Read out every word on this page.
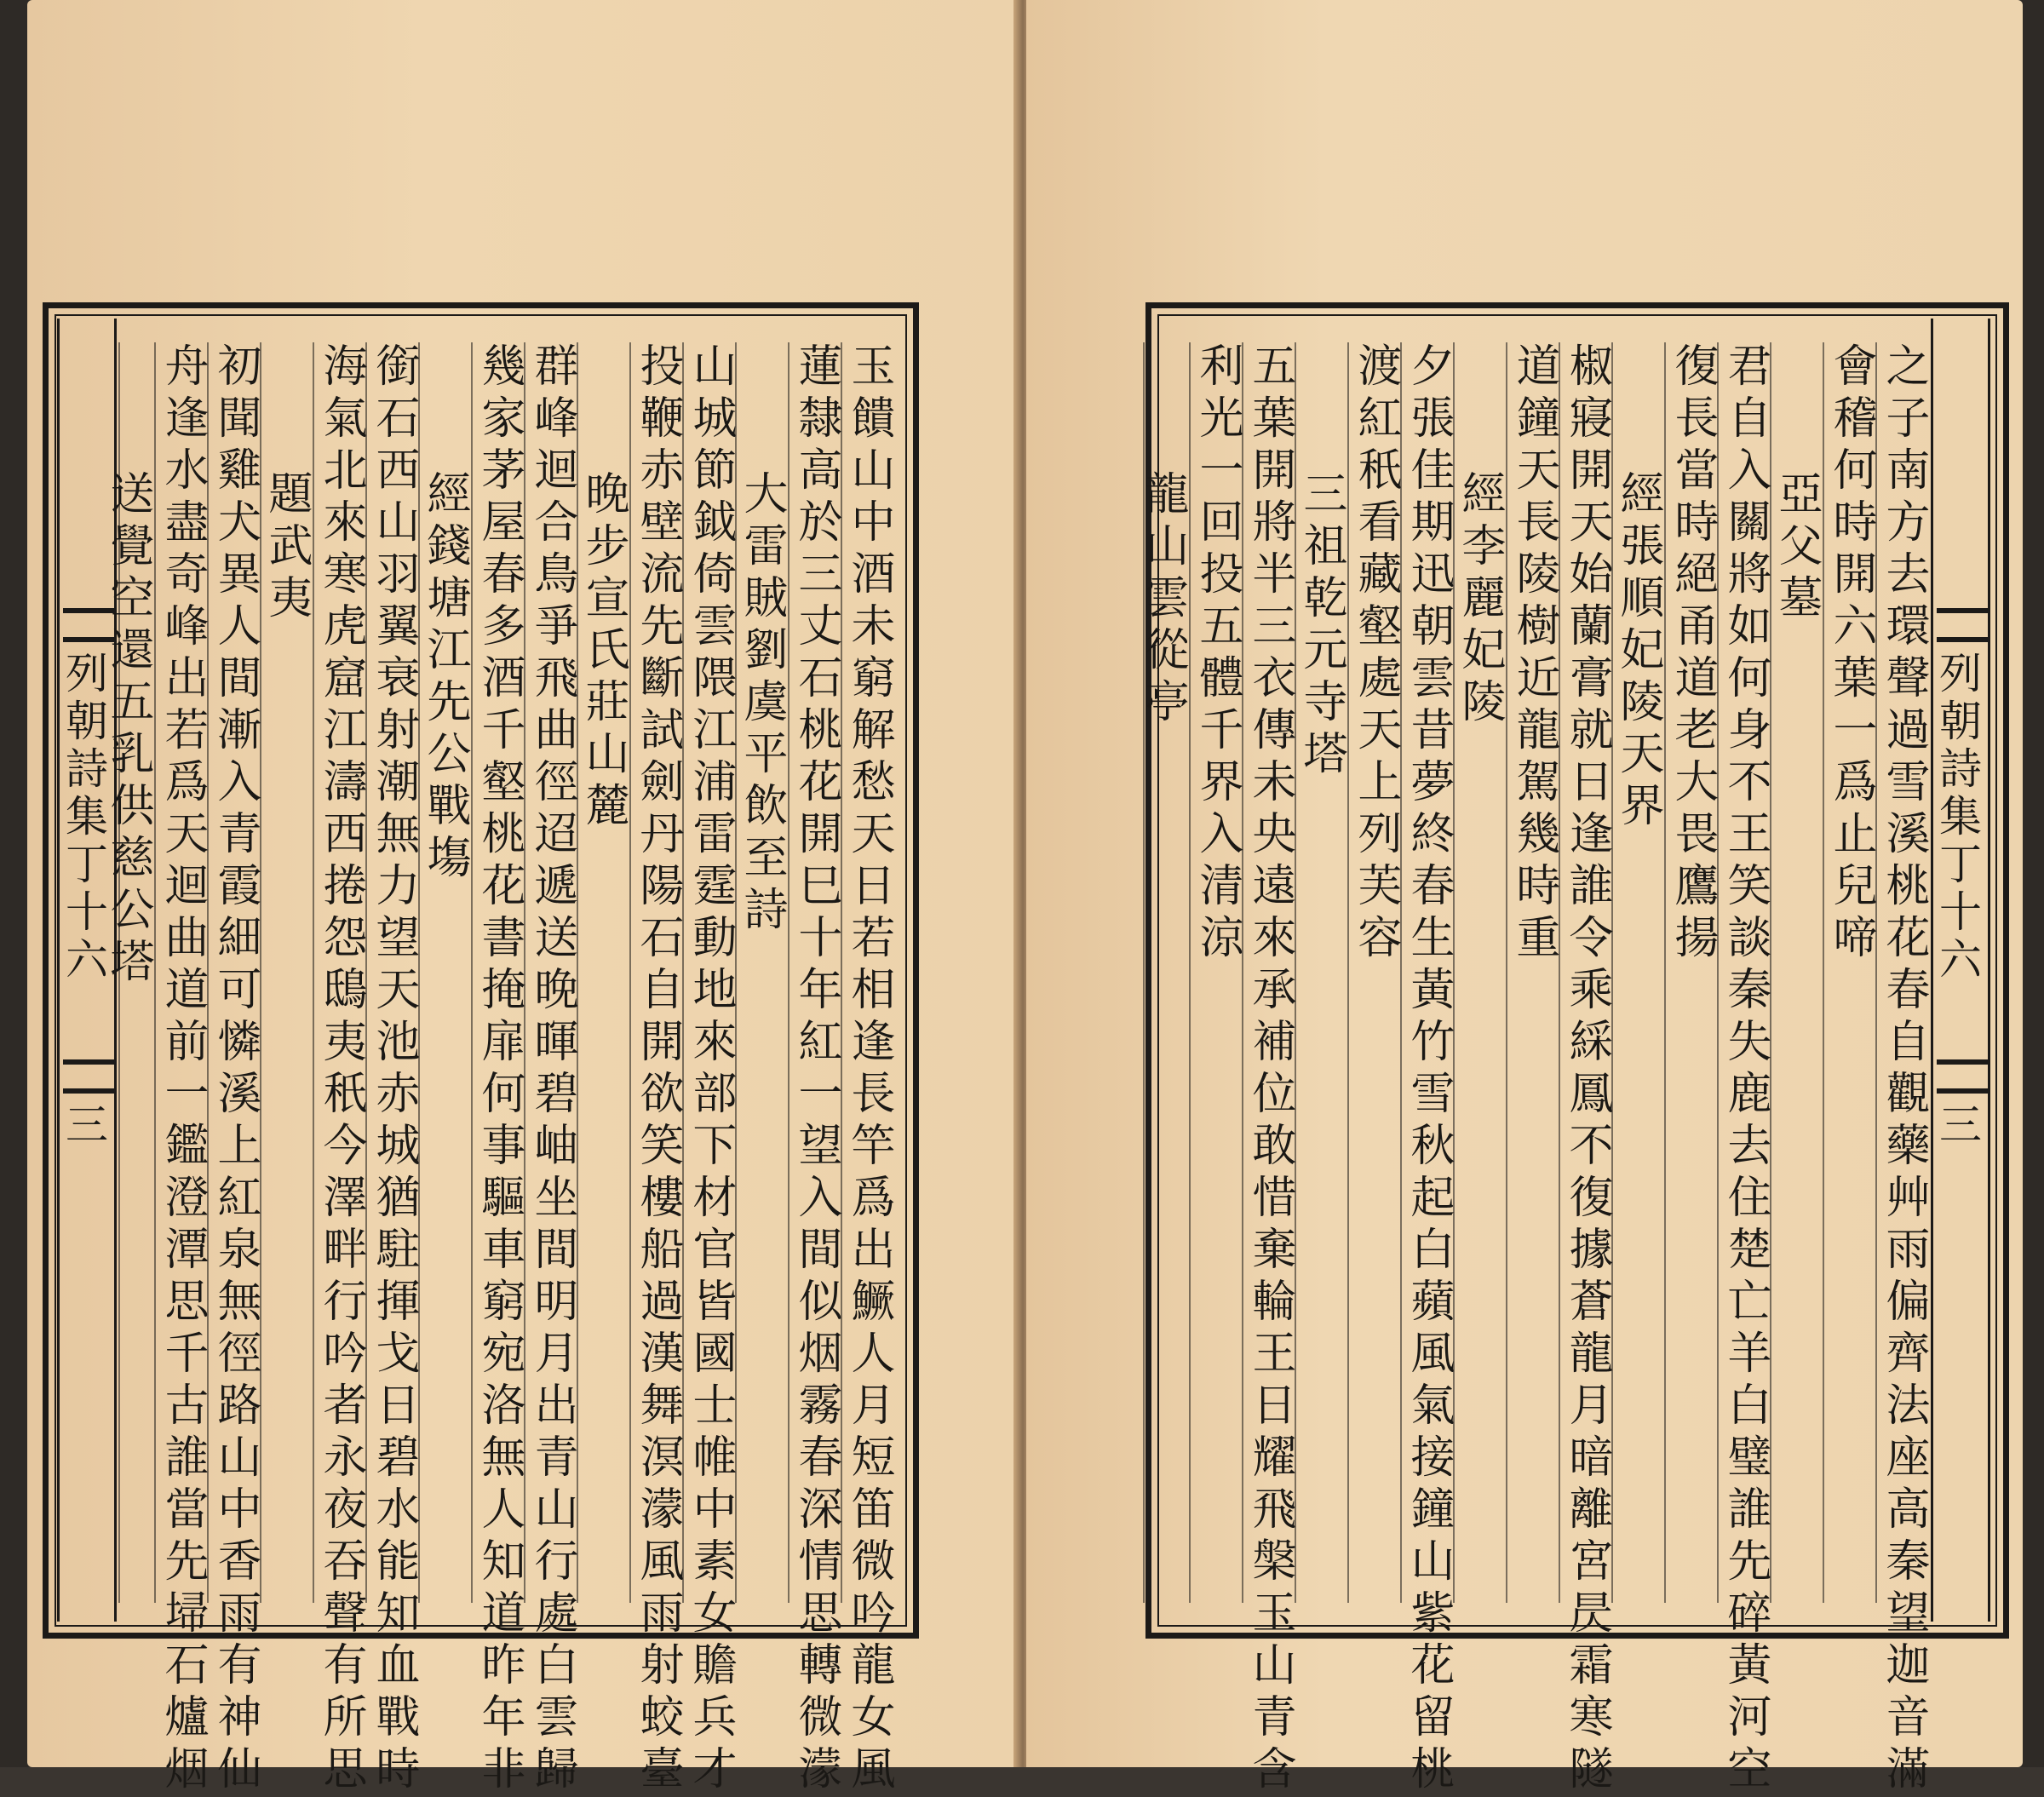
列朝詩集丁十六
三	玉饋山中酒未窮解愁天日若相逢長竿爲出鱖人月短笛微吟龍女風
蓮隸高於三丈石桃花開巳十年紅一望入間似烟霧春深情思轉微濛
大雷賊劉虞平飲至詩
山城節鉞倚雲隈江浦雷霆動地來部下材官皆國士帷中素女贍兵才
投鞭赤壁流先斷試劍丹陽石自開欲笑樓船過漢舞溟濛風雨射蛟臺
晚步宣氏莊山麓
群峰迴合鳥爭飛曲徑迢遞送晚暉碧岫坐間明月出青山行處白雲歸
幾家茅屋春多酒千壑桃花書掩扉何事驅車窮宛洛無人知道昨年非
經錢塘江先公戰塲
銜石西山羽翼衰射潮無力望天池赤城猶駐揮戈日碧水能知血戰時
海氣北來寒虎窟江濤西捲怨鴟夷秖今澤畔行吟者永夜吞聲有所思
題武夷
初聞雞犬異人間漸入青霞細可憐溪上紅泉無徑路山中香雨有神仙
舟逢水盡奇峰出若爲天迴曲道前一鑑澄潭思千古誰當先埽石爐烟
送覺空還五乳供慈公塔	列朝詩集丁十六
三
之子南方去環聲過雪溪桃花春自觀藥艸雨偏齊法座高秦望迦音滿
會稽何時開六葉一爲止兒啼
亞父墓
君自入關將如何身不王笑談秦失鹿去住楚亡羊白璧誰先碎黃河空
復長當時絕甬道老大畏鷹揚
經張順妃陵天界
椒寢開天始蘭膏就日逢誰令乘綵鳳不復據蒼龍月暗離宮昃霜寒隧
道鐘天長陵樹近龍駕幾時重
經李麗妃陵
夕張佳期迅朝雲昔夢終春生黃竹雪秋起白蘋風氣接鐘山紫花留桃
渡紅秖看藏壑處天上列芙容
三祖乾元寺塔
五葉開將半三衣傳未央遠來承補位敢惜棄輪王日耀飛槃玉山青含
利光一回投五體千界入清涼
龍山雲從亭
